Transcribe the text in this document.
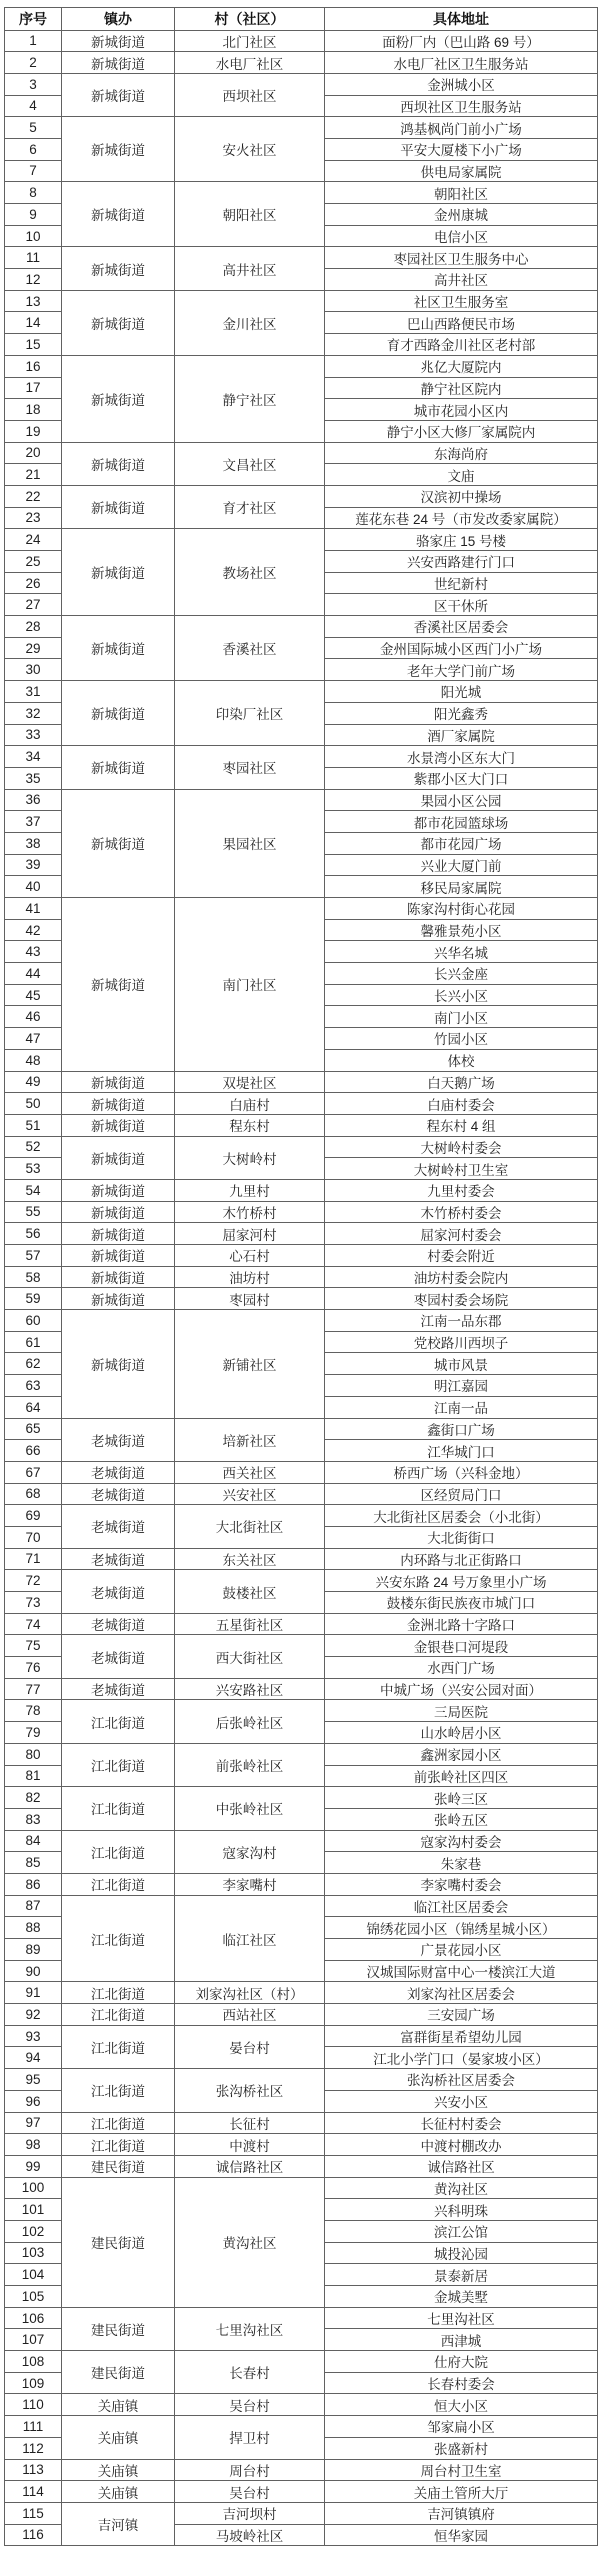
序号	镇办	村（社区）	具体地址
1	新城街道	北门社区	面粉厂内（巴山路 69 号）
2	新城街道	水电厂社区	水电厂社区卫生服务站
3	新城街道	西坝社区	金洲城小区
4			西坝社区卫生服务站
5	新城街道	安火社区	鸿基枫尚门前小广场
6			平安大厦楼下小广场
7			供电局家属院
8	新城街道	朝阳社区	朝阳社区
9			金州康城
10			电信小区
11	新城街道	高井社区	枣园社区卫生服务中心
12			高井社区
13	新城街道	金川社区	社区卫生服务室
14			巴山西路便民市场
15			育才西路金川社区老村部
16	新城街道	静宁社区	兆亿大厦院内
17			静宁社区院内
18			城市花园小区内
19			静宁小区大修厂家属院内
20	新城街道	文昌社区	东海尚府
21			文庙
22	新城街道	育才社区	汉滨初中操场
23			莲花东巷 24 号（市发改委家属院）
24	新城街道	教场社区	骆家庄 15 号楼
25			兴安西路建行门口
26			世纪新村
27			区干休所
28	新城街道	香溪社区	香溪社区居委会
29			金州国际城小区西门小广场
30			老年大学门前广场
31	新城街道	印染厂社区	阳光城
32			阳光鑫秀
33			酒厂家属院
34	新城街道	枣园社区	水景湾小区东大门
35			紫郡小区大门口
36	新城街道	果园社区	果园小区公园
37			都市花园篮球场
38			都市花园广场
39			兴业大厦门前
40			移民局家属院
41	新城街道	南门社区	陈家沟村街心花园
42			馨雅景苑小区
43			兴华名城
44			长兴金座
45			长兴小区
46			南门小区
47			竹园小区
48			体校
49	新城街道	双堤社区	白天鹅广场
50	新城街道	白庙村	白庙村委会
51	新城街道	程东村	程东村 4 组
52	新城街道	大树岭村	大树岭村委会
53			大树岭村卫生室
54	新城街道	九里村	九里村委会
55	新城街道	木竹桥村	木竹桥村委会
56	新城街道	屈家河村	屈家河村委会
57	新城街道	心石村	村委会附近
58	新城街道	油坊村	油坊村委会院内
59	新城街道	枣园村	枣园村委会场院
60	新城街道	新铺社区	江南一品东郡
61			党校路川西坝子
62			城市风景
63			明江嘉园
64			江南一品
65	老城街道	培新社区	鑫街口广场
66			江华城门口
67	老城街道	西关社区	桥西广场（兴科金地）
68	老城街道	兴安社区	区经贸局门口
69	老城街道	大北街社区	大北街社区居委会（小北街）
70			大北街街口
71	老城街道	东关社区	内环路与北正街路口
72	老城街道	鼓楼社区	兴安东路 24 号万象里小广场
73			鼓楼东街民族夜市城门口
74	老城街道	五星街社区	金洲北路十字路口
75	老城街道	西大街社区	金银巷口河堤段
76			水西门广场
77	老城街道	兴安路社区	中城广场（兴安公园对面）
78	江北街道	后张岭社区	三局医院
79			山水岭居小区
80	江北街道	前张岭社区	鑫洲家园小区
81			前张岭社区四区
82	江北街道	中张岭社区	张岭三区
83			张岭五区
84	江北街道	寇家沟村	寇家沟村委会
85			朱家巷
86	江北街道	李家嘴村	李家嘴村委会
87	江北街道	临江社区	临江社区居委会
88			锦绣花园小区（锦绣星城小区）
89			广景花园小区
90			汉城国际财富中心一楼滨江大道
91	江北街道	刘家沟社区（村）	刘家沟社区居委会
92	江北街道	西站社区	三安园广场
93	江北街道	晏台村	富群街星希望幼儿园
94			江北小学门口（晏家坡小区）
95	江北街道	张沟桥社区	张沟桥社区居委会
96			兴安小区
97	江北街道	长征村	长征村村委会
98	江北街道	中渡村	中渡村棚改办
99	建民街道	诚信路社区	诚信路社区
100	建民街道	黄沟社区	黄沟社区
101			兴科明珠
102			滨江公馆
103			城投沁园
104			景泰新居
105			金城美墅
106	建民街道	七里沟社区	七里沟社区
107			西津城
108	建民街道	长春村	仕府大院
109			长春村委会
110	关庙镇	吴台村	恒大小区
111	关庙镇	捍卫村	邹家扁小区
112			张盛新村
113	关庙镇	周台村	周台村卫生室
114	关庙镇	吴台村	关庙土管所大厅
115	吉河镇	吉河坝村	吉河镇镇府
116		马坡岭社区	恒华家园
